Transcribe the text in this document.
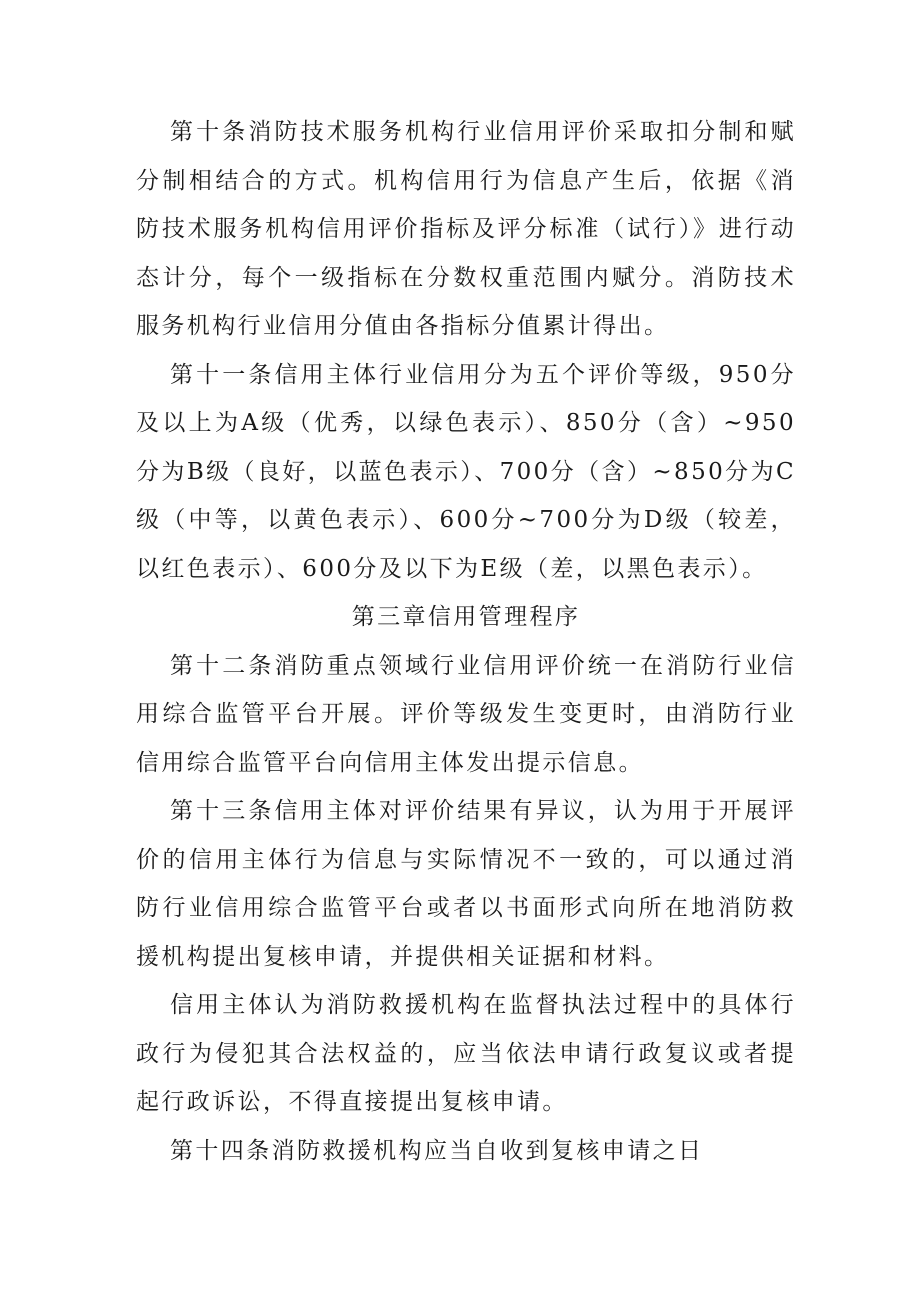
第十条消防技术服务机构行业信用评价采取扣分制和赋分制相结合的方式。机构信用行为信息产生后，依据《消防技术服务机构信用评价指标及评分标准（试行）》进行动态计分，每个一级指标在分数权重范围内赋分。消防技术服务机构行业信用分值由各指标分值累计得出。

第十一条信用主体行业信用分为五个评价等级，950分及以上为A级（优秀，以绿色表示）、850分（含）~950分为B级（良好，以蓝色表示）、700分（含）~850分为C级（中等，以黄色表示）、600分~700分为D级（较差，以红色表示）、600分及以下为E级（差，以黑色表示）。

第三章信用管理程序

第十二条消防重点领域行业信用评价统一在消防行业信用综合监管平台开展。评价等级发生变更时，由消防行业信用综合监管平台向信用主体发出提示信息。

第十三条信用主体对评价结果有异议，认为用于开展评价的信用主体行为信息与实际情况不一致的，可以通过消防行业信用综合监管平台或者以书面形式向所在地消防救援机构提出复核申请，并提供相关证据和材料。

信用主体认为消防救援机构在监督执法过程中的具体行政行为侵犯其合法权益的，应当依法申请行政复议或者提起行政诉讼，不得直接提出复核申请。

第十四条消防救援机构应当自收到复核申请之日
